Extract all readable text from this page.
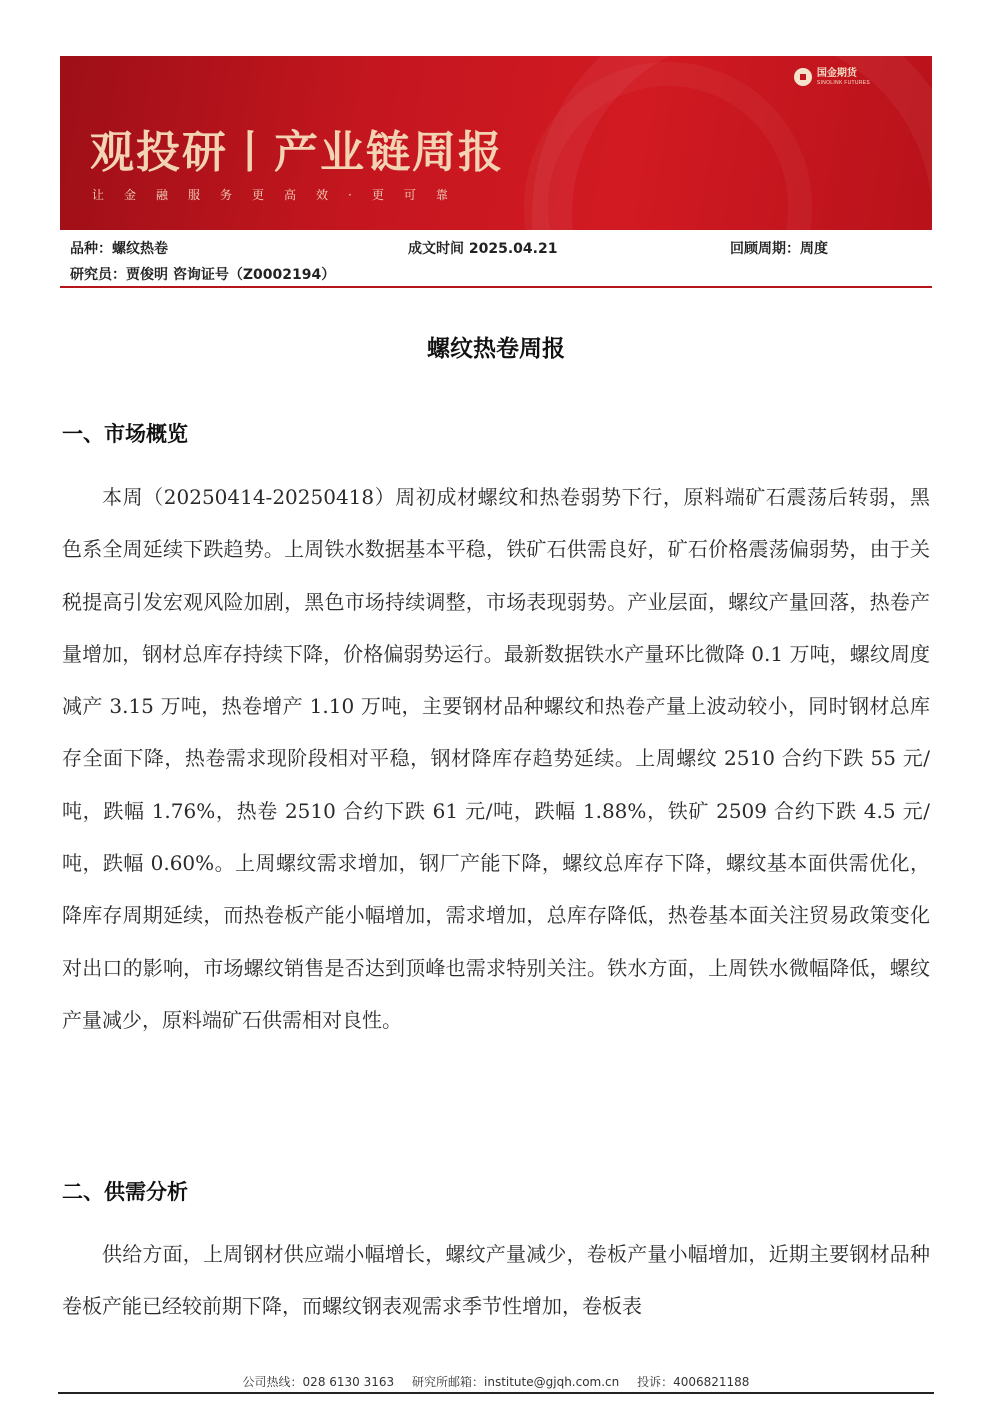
国金期货
SINOLINK FUTURES
观投研丨产业链周报
让金融服务更高效·更可靠
品种：螺纹热卷	成文时间 2025.04.21	回顾周期：周度
研究员：贾俊明 咨询证号（Z0002194）
螺纹热卷周报
一、市场概览

本周（20250414-20250418）周初成材螺纹和热卷弱势下行，原料端矿石震荡后转弱，黑色系全周延续下跌趋势。上周铁水数据基本平稳，铁矿石供需良好，矿石价格震荡偏弱势，由于关税提高引发宏观风险加剧，黑色市场持续调整，市场表现弱势。产业层面，螺纹产量回落，热卷产量增加，钢材总库存持续下降，价格偏弱势运行。最新数据铁水产量环比微降 0.1 万吨，螺纹周度减产 3.15 万吨，热卷增产 1.10 万吨，主要钢材品种螺纹和热卷产量上波动较小，同时钢材总库存全面下降，热卷需求现阶段相对平稳，钢材降库存趋势延续。上周螺纹 2510 合约下跌 55 元/吨，跌幅 1.76%，热卷 2510 合约下跌 61 元/吨，跌幅 1.88%，铁矿 2509 合约下跌 4.5 元/吨，跌幅 0.60%。上周螺纹需求增加，钢厂产能下降，螺纹总库存下降，螺纹基本面供需优化，降库存周期延续，而热卷板产能小幅增加，需求增加，总库存降低，热卷基本面关注贸易政策变化对出口的影响，市场螺纹销售是否达到顶峰也需求特别关注。铁水方面，上周铁水微幅降低，螺纹产量减少，原料端矿石供需相对良性。

二、供需分析

供给方面，上周钢材供应端小幅增长，螺纹产量减少，卷板产量小幅增加，近期主要钢材品种卷板产能已经较前期下降，而螺纹钢表观需求季节性增加，卷板表

公司热线：028 6130 3163 研究所邮箱：institute@gjqh.com.cn 投诉：4006821188
